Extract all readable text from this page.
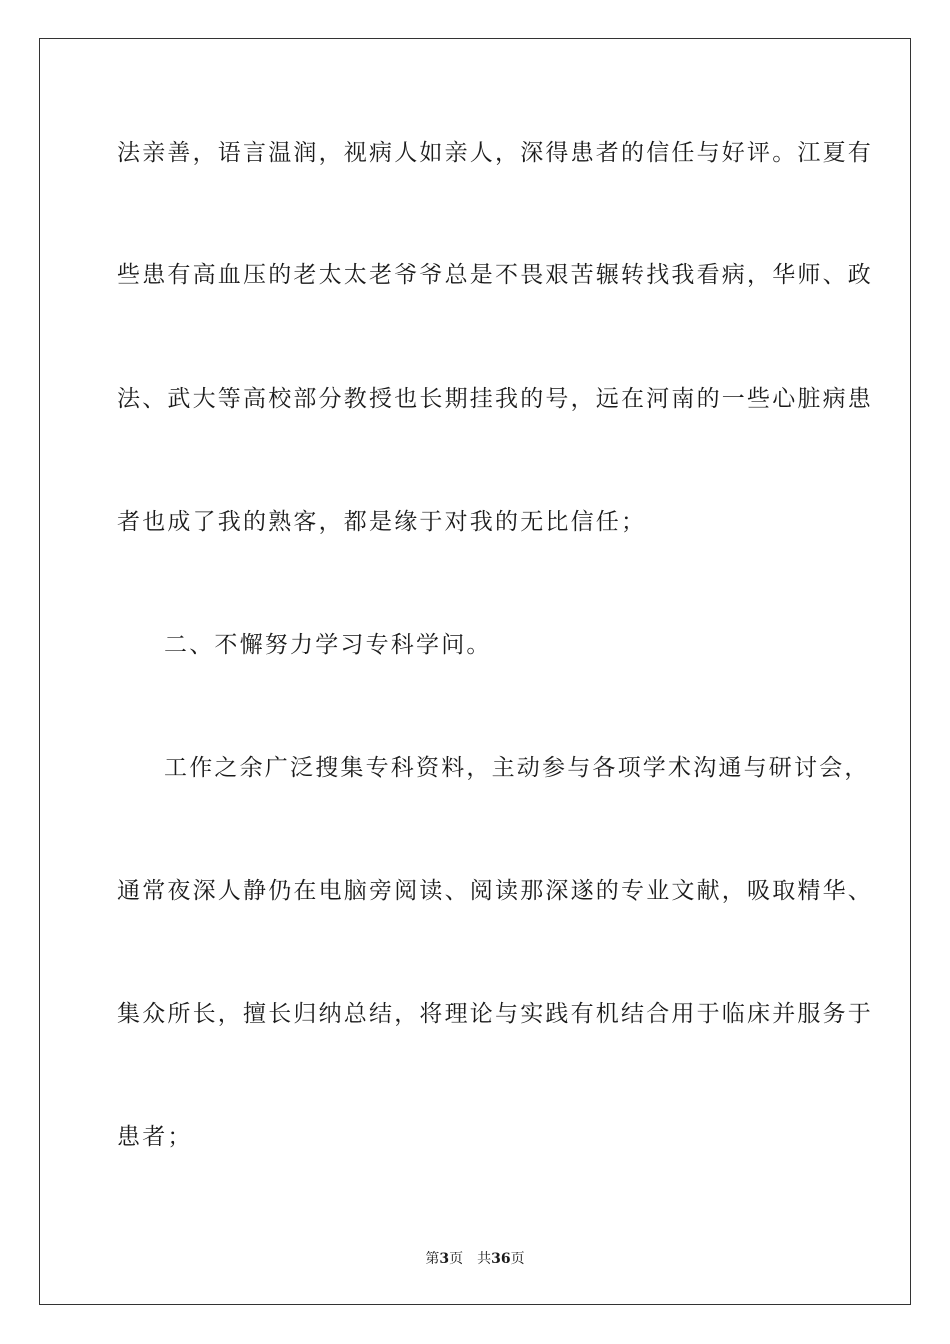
法亲善，语言温润，视病人如亲人，深得患者的信任与好评。江夏有
些患有高血压的老太太老爷爷总是不畏艰苦辗转找我看病，华师、政
法、武大等高校部分教授也长期挂我的号，远在河南的一些心脏病患
者也成了我的熟客，都是缘于对我的无比信任；
二、不懈努力学习专科学问。
工作之余广泛搜集专科资料，主动参与各项学术沟通与研讨会，
通常夜深人静仍在电脑旁阅读、阅读那深遂的专业文献，吸取精华、
集众所长，擅长归纳总结，将理论与实践有机结合用于临床并服务于
患者；
第3页 共36页
